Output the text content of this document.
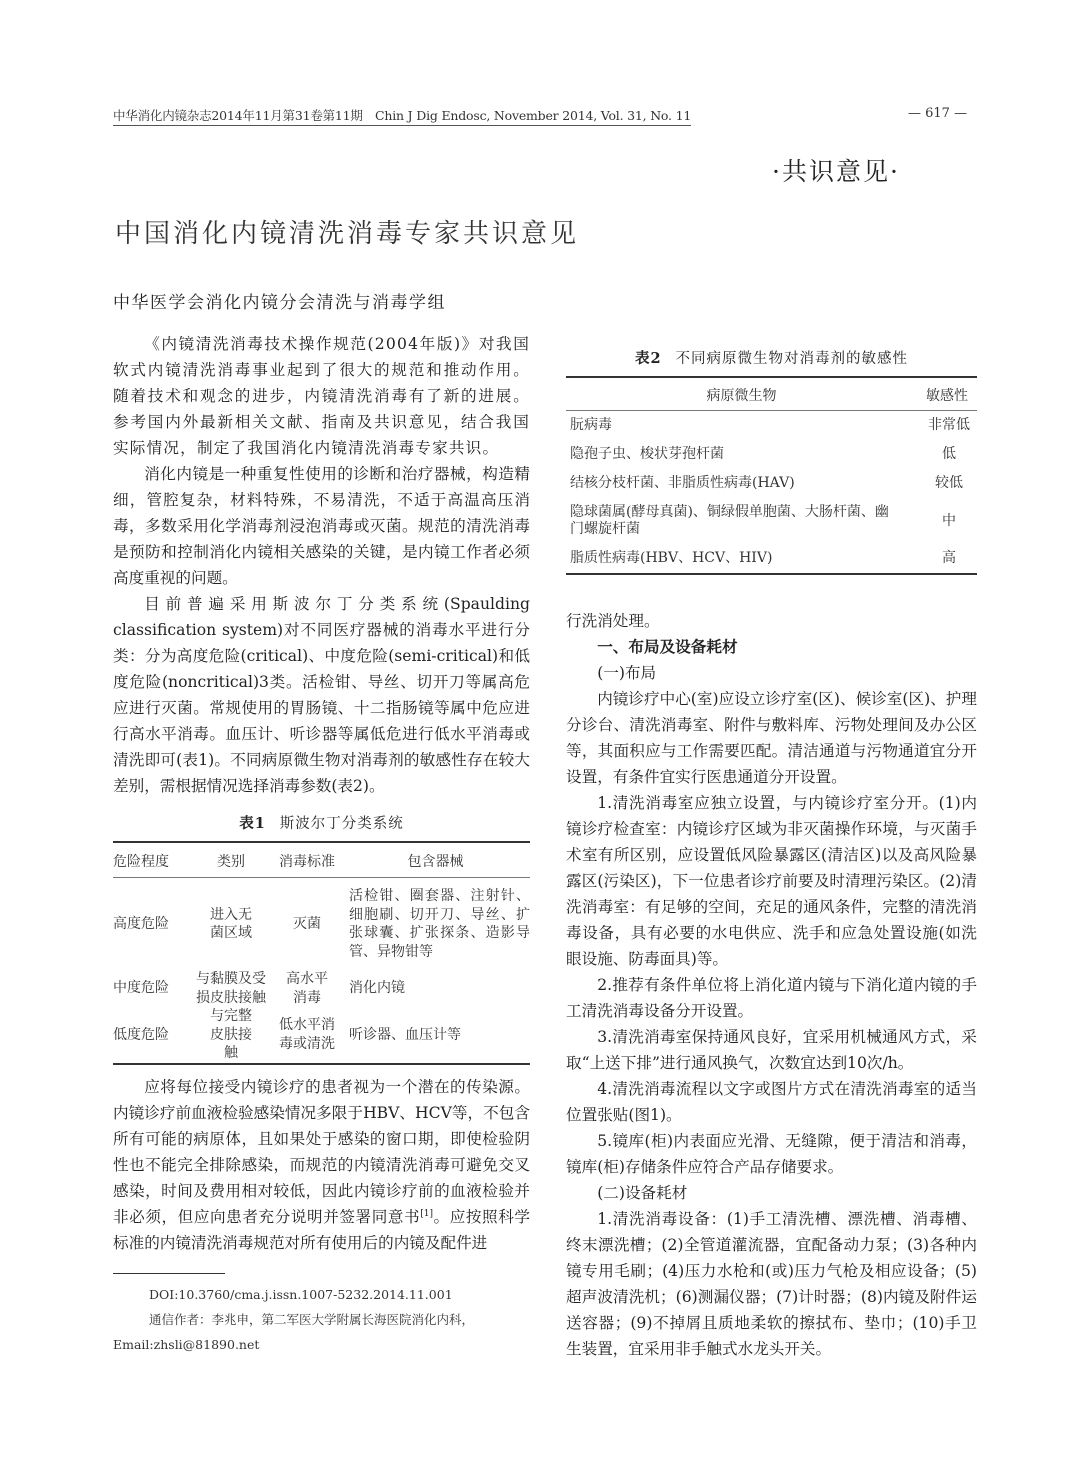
中华消化内镜杂志2014年11月第31卷第11期　Chin J Dig Endosc, November 2014, Vol. 31, No. 11	— 617 —
·共识意见·
中国消化内镜清洗消毒专家共识意见
中华医学会消化内镜分会清洗与消毒学组

《内镜清洗消毒技术操作规范(2004年版)》对我国软式内镜清洗消毒事业起到了很大的规范和推动作用。随着技术和观念的进步，内镜清洗消毒有了新的进展。参考国内外最新相关文献、指南及共识意见，结合我国实际情况，制定了我国消化内镜清洗消毒专家共识。

消化内镜是一种重复性使用的诊断和治疗器械，构造精细，管腔复杂，材料特殊，不易清洗，不适于高温高压消毒，多数采用化学消毒剂浸泡消毒或灭菌。规范的清洗消毒是预防和控制消化内镜相关感染的关键，是内镜工作者必须高度重视的问题。

目前普遍采用斯波尔丁分类系统(Spaulding classification system)对不同医疗器械的消毒水平进行分类：分为高度危险(critical)、中度危险(semi-critical)和低度危险(noncritical)3类。活检钳、导丝、切开刀等属高危应进行灭菌。常规使用的胃肠镜、十二指肠镜等属中危应进行高水平消毒。血压计、听诊器等属低危进行低水平消毒或清洗即可(表1)。不同病原微生物对消毒剂的敏感性存在较大差别，需根据情况选择消毒参数(表2)。

表1 斯波尔丁分类系统
危险程度	类别	消毒标准	包含器械
高度危险	进入无菌区域	灭菌	活检钳、圈套器、注射针、细胞刷、切开刀、导丝、扩张球囊、扩张探条、造影导管、异物钳等
中度危险	与黏膜及受损皮肤接触	高水平消毒	消化内镜
低度危险	与完整皮肤接触	低水平消毒或清洗	听诊器、血压计等

应将每位接受内镜诊疗的患者视为一个潜在的传染源。内镜诊疗前血液检验感染情况多限于HBV、HCV等，不包含所有可能的病原体，且如果处于感染的窗口期，即使检验阴性也不能完全排除感染，而规范的内镜清洗消毒可避免交叉感染，时间及费用相对较低，因此内镜诊疗前的血液检验并非必须，但应向患者充分说明并签署同意书[1]。应按照科学标准的内镜清洗消毒规范对所有使用后的内镜及配件进

DOI:10.3760/cma.j.issn.1007-5232.2014.11.001
通信作者：李兆申，第二军医大学附属长海医院消化内科，
Email:zhsli@81890.net
表2 不同病原微生物对消毒剂的敏感性
病原微生物	敏感性
朊病毒	非常低
隐孢子虫、梭状芽孢杆菌	低
结核分枝杆菌、非脂质性病毒(HAV)	较低
隐球菌属(酵母真菌)、铜绿假单胞菌、大肠杆菌、幽门螺旋杆菌	中
脂质性病毒(HBV、HCV、HIV)	高

行洗消处理。

一、布局及设备耗材

(一)布局

内镜诊疗中心(室)应设立诊疗室(区)、候诊室(区)、护理分诊台、清洗消毒室、附件与敷料库、污物处理间及办公区等，其面积应与工作需要匹配。清洁通道与污物通道宜分开设置，有条件宜实行医患通道分开设置。

1.清洗消毒室应独立设置，与内镜诊疗室分开。(1)内镜诊疗检查室：内镜诊疗区域为非灭菌操作环境，与灭菌手术室有所区别，应设置低风险暴露区(清洁区)以及高风险暴露区(污染区)，下一位患者诊疗前要及时清理污染区。(2)清洗消毒室：有足够的空间，充足的通风条件，完整的清洗消毒设备，具有必要的水电供应、洗手和应急处置设施(如洗眼设施、防毒面具)等。

2.推荐有条件单位将上消化道内镜与下消化道内镜的手工清洗消毒设备分开设置。

3.清洗消毒室保持通风良好，宜采用机械通风方式，采取“上送下排”进行通风换气，次数宜达到10次/h。

4.清洗消毒流程以文字或图片方式在清洗消毒室的适当位置张贴(图1)。

5.镜库(柜)内表面应光滑、无缝隙，便于清洁和消毒，镜库(柜)存储条件应符合产品存储要求。

(二)设备耗材

1.清洗消毒设备：(1)手工清洗槽、漂洗槽、消毒槽、终末漂洗槽；(2)全管道灌流器，宜配备动力泵；(3)各种内镜专用毛刷；(4)压力水枪和(或)压力气枪及相应设备；(5)超声波清洗机；(6)测漏仪器；(7)计时器；(8)内镜及附件运送容器；(9)不掉屑且质地柔软的擦拭布、垫巾；(10)手卫生装置，宜采用非手触式水龙头开关。
